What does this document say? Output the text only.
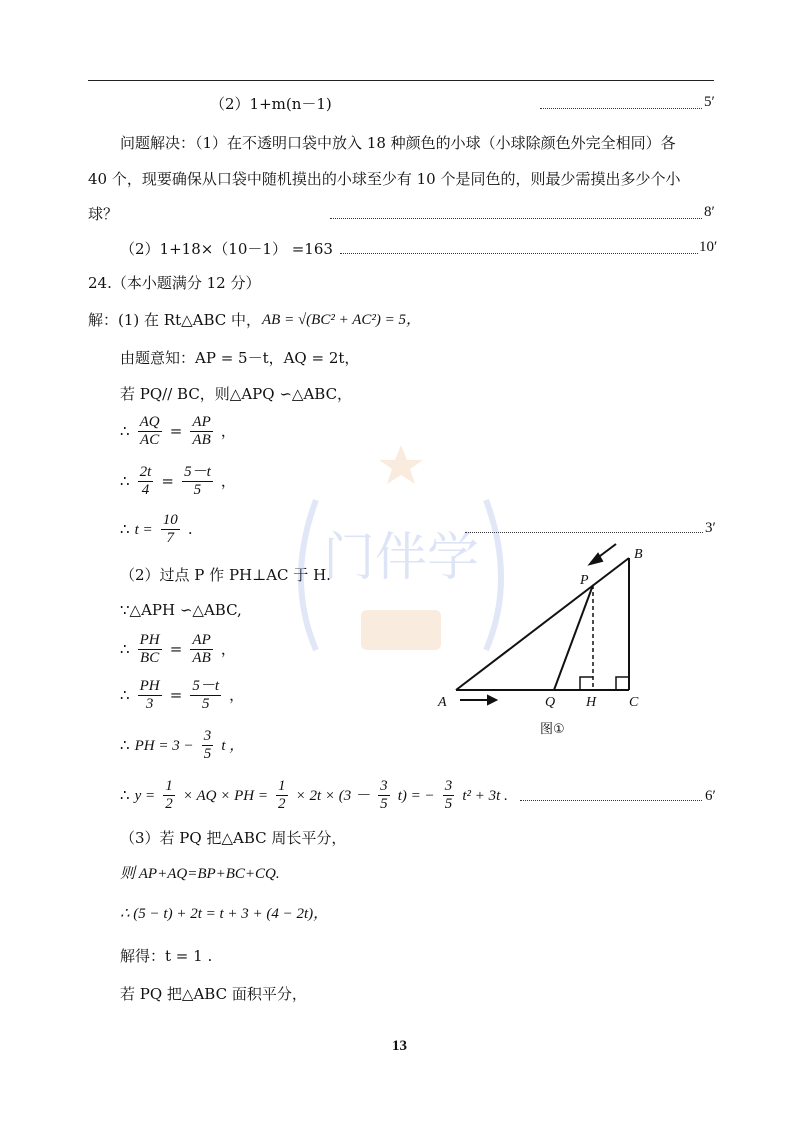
（2）1+m(n－1)	5′
问题解决：（1）在不透明口袋中放入 18 种颜色的小球（小球除颜色外完全相同）各
40 个，现要确保从口袋中随机摸出的小球至少有 10 个是同色的，则最少需摸出多少个小
球？	8′
（2）1+18×（10－1） =163	10′
24.（本小题满分 12 分）
解：(1) 在 Rt△ABC 中， AB = √(BC² + AC²) = 5，
由题意知：AP = 5－t，AQ = 2t，
若 PQ// BC，则△APQ ∽△ABC，
∴ $\frac{AQ}{AC} = \frac{AP}{AB}$ ，
∴ $\frac{2t}{4} = \frac{5-t}{5}$ ，
∴ $t = \frac{10}{7}$ .	3′
（2）过点 P 作 PH⊥AC 于 H.
∵△APH ∽△ABC,
∴ $\frac{PH}{BC} = \frac{AP}{AB}$ ，
∴ $\frac{PH}{3} = \frac{5-t}{5}$ ，
∴ PH = $3 - \frac{3}{5}$ t ，
∴ $y = \frac{1}{2}$ × AQ × PH = $\frac{1}{2} \times 2t \times (3 - \frac{3}{5} t)$ = − $\frac{3}{5} t^2 + 3t$ .	6′
（3）若 PQ 把△ABC 周长平分，
则 AP+AQ=BP+BC+CQ.
∴ (5 − t) + 2t = t + 3 + (4 − 2t)，
解得：t = 1 .
若 PQ 把△ABC 面积平分，
13
门伴学
A
B
C
P
Q H
图①
